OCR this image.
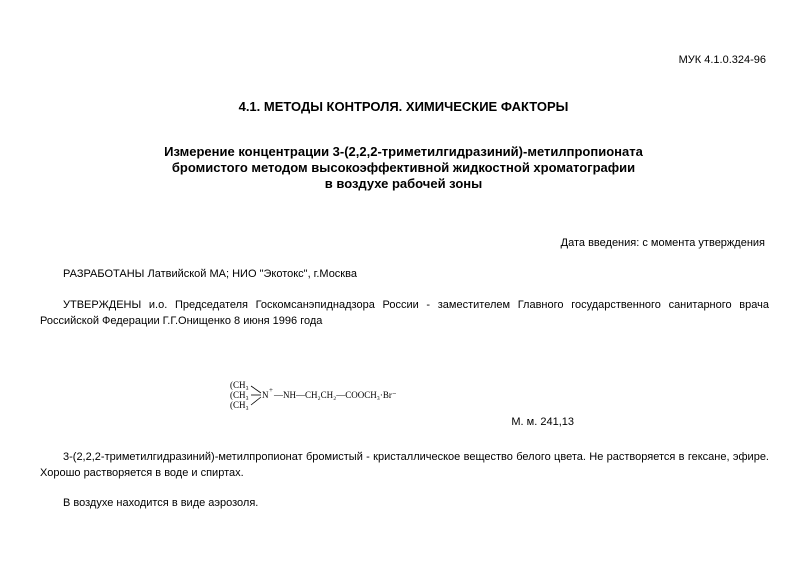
МУК 4.1.0.324-96
4.1. МЕТОДЫ КОНТРОЛЯ. ХИМИЧЕСКИЕ ФАКТОРЫ
Измерение концентрации 3-(2,2,2-триметилгидразиний)-метилпропионата
бромистого методом высокоэффективной жидкостной хроматографии
в воздухе рабочей зоны
Дата введения: с момента утверждения
РАЗРАБОТАНЫ Латвийской МА; НИО "Экотокс", г.Москва
УТВЕРЖДЕНЫ и.о. Председателя Госкомсанэпиднадзора России - заместителем Главного государственного санитарного врача Российской Федерации Г.Г.Онищенко 8 июня 1996 года
(CH₃
(CH₃
(CH₃
N + —NH—CH₂CH₂—COOCH₃·Br⁻
М. м. 241,13
3-(2,2,2-триметилгидразиний)-метилпропионат бромистый - кристаллическое вещество белого цвета. Не растворяется в гексане, эфире. Хорошо растворяется в воде и спиртах.
В воздухе находится в виде аэрозоля.
